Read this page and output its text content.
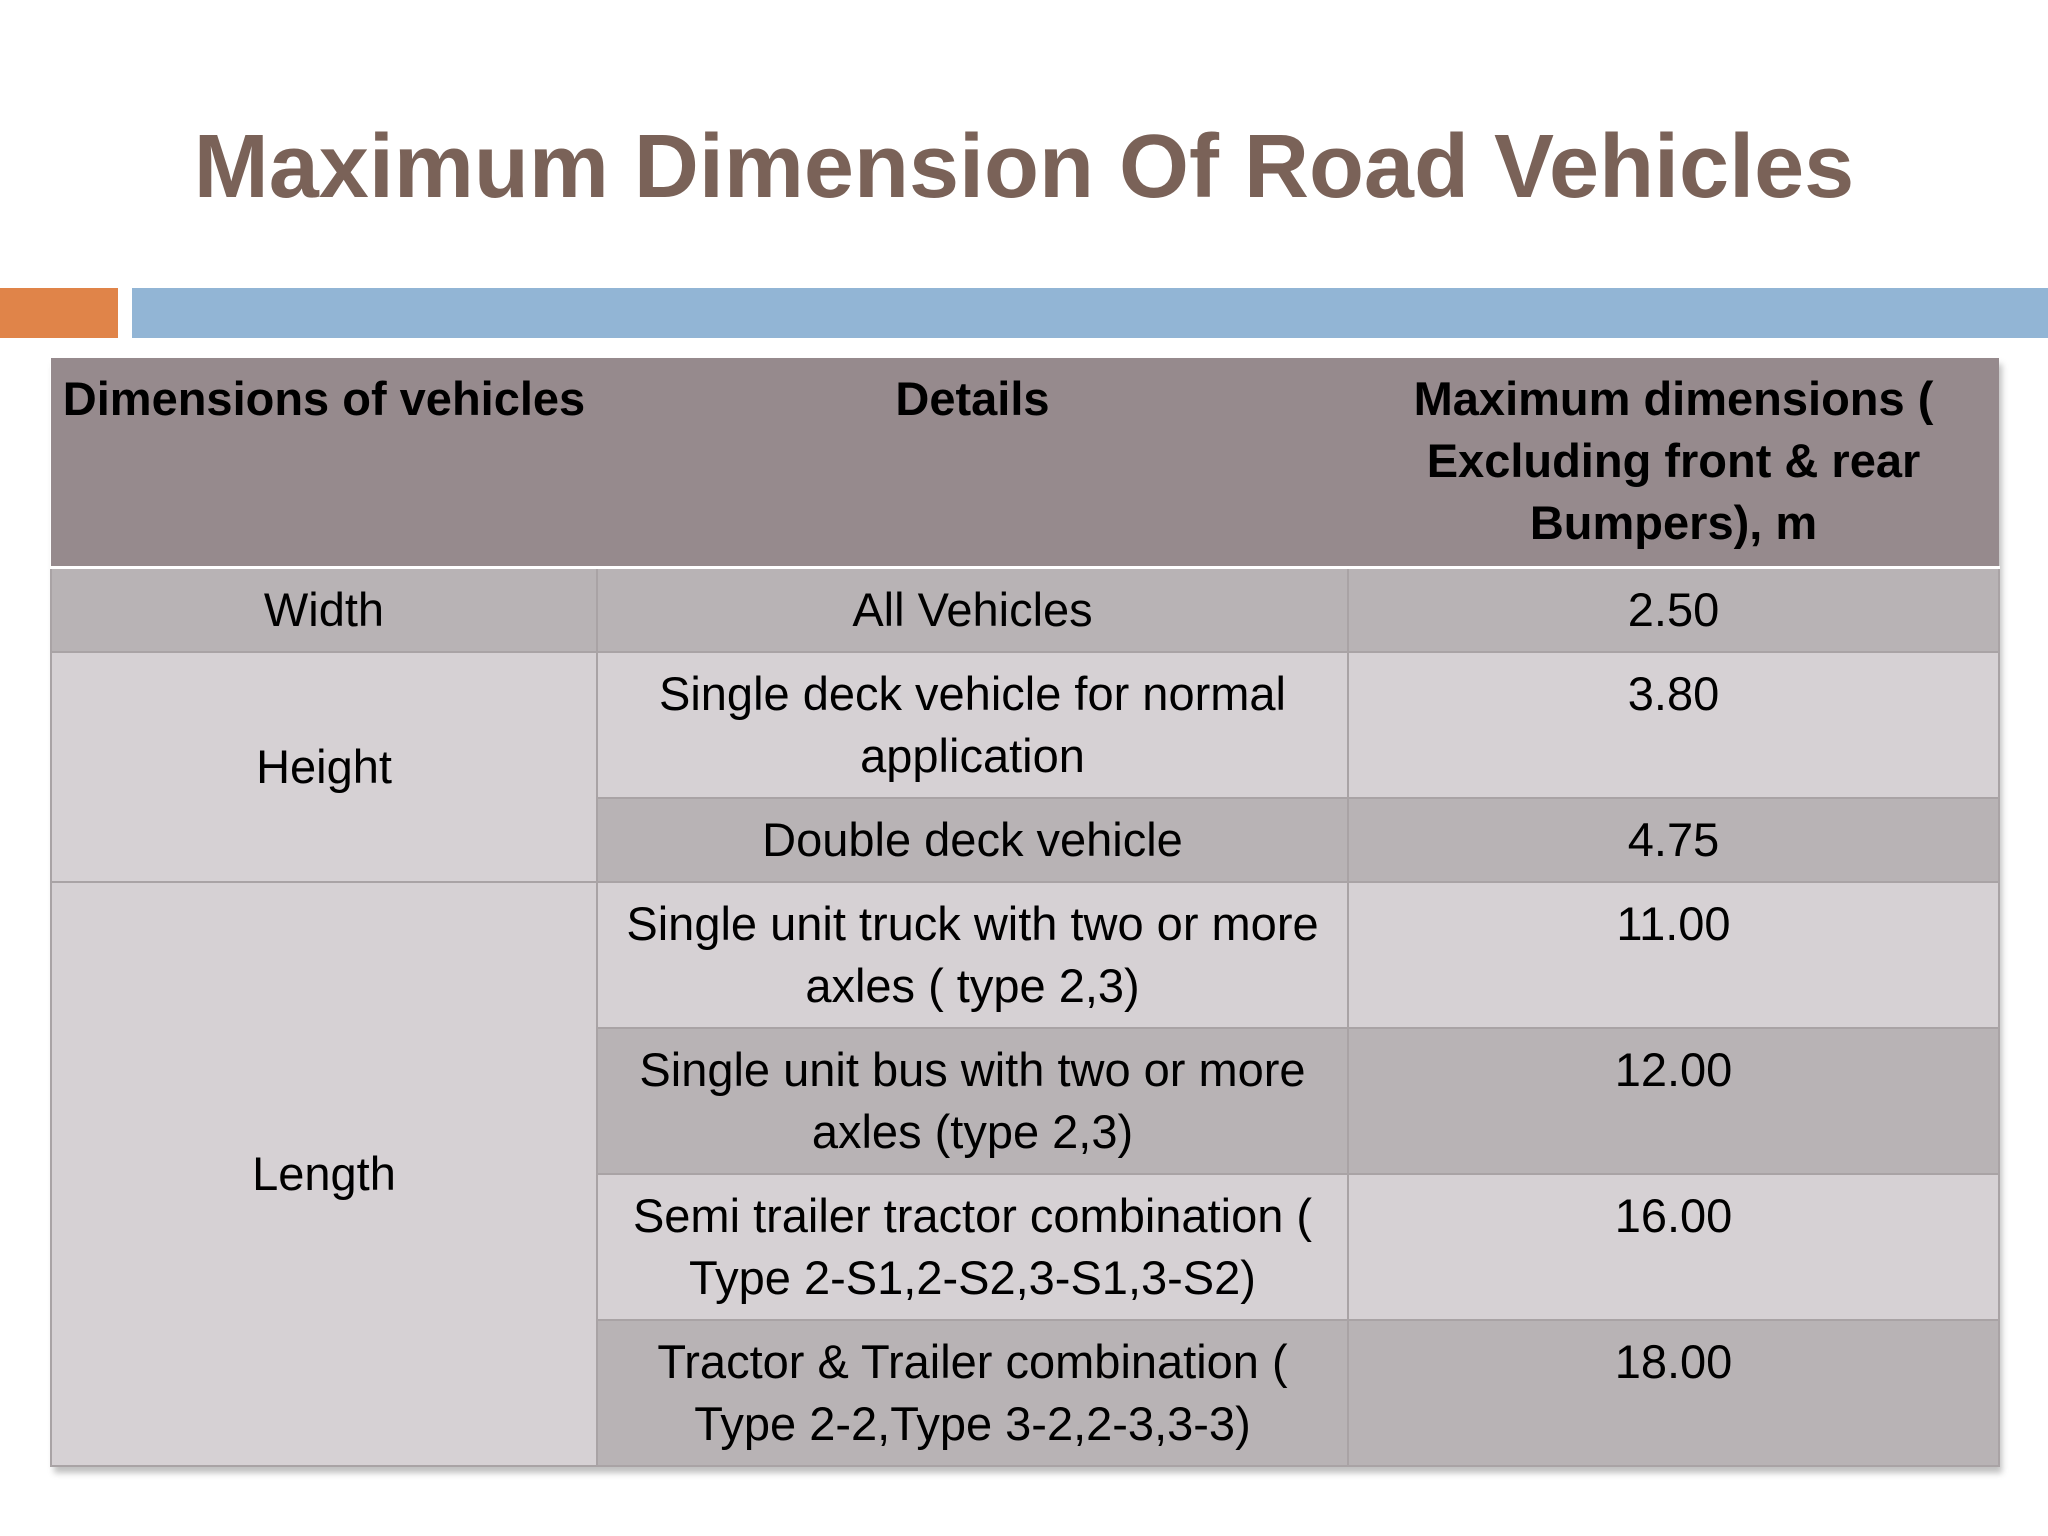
Maximum Dimension Of Road Vehicles
Dimensions of vehicles	Details	Maximum dimensions ( Excluding front & rear Bumpers), m
Width	All Vehicles	2.50
Height	Single deck vehicle for normal application	3.80
	Double deck vehicle	4.75
Length	Single unit truck with two or more axles ( type 2,3)	11.00
	Single unit bus with two or more axles (type 2,3)	12.00
	Semi trailer tractor combination ( Type 2-S1,2-S2,3-S1,3-S2)	16.00
	Tractor & Trailer combination ( Type 2-2,Type 3-2,2-3,3-3)	18.00
